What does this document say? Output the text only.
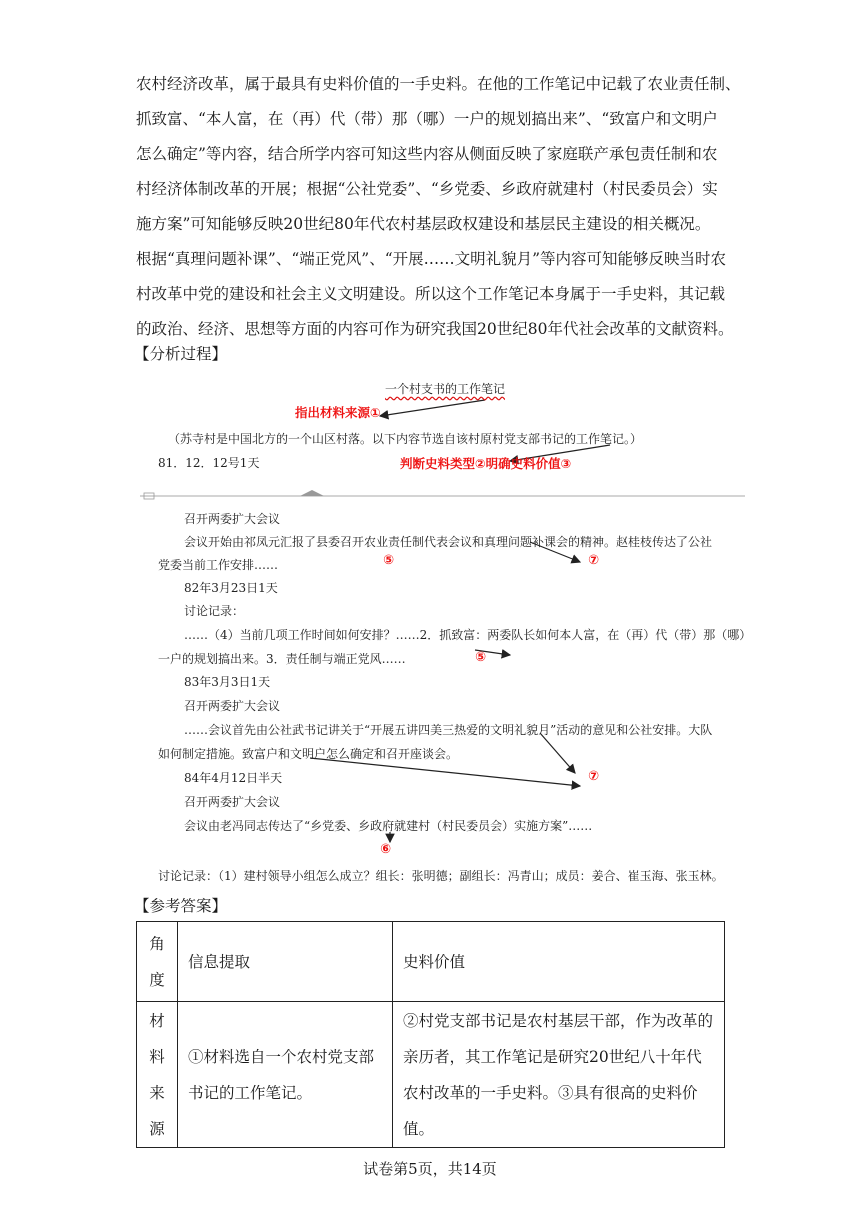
农村经济改革，属于最具有史料价值的一手史料。在他的工作笔记中记载了农业责任制、

抓致富、“本人富，在（再）代（带）那（哪）一户的规划搞出来”、“致富户和文明户

怎么确定”等内容，结合所学内容可知这些内容从侧面反映了家庭联产承包责任制和农

村经济体制改革的开展；根据“公社党委”、“乡党委、乡政府就建村（村民委员会）实

施方案”可知能够反映20世纪80年代农村基层政权建设和基层民主建设的相关概况。

根据“真理问题补课”、“端正党风”、“开展……文明礼貌月”等内容可知能够反映当时农

村改革中党的建设和社会主义文明建设。所以这个工作笔记本身属于一手史料，其记载

的政治、经济、思想等方面的内容可作为研究我国20世纪80年代社会改革的文献资料。

【分析过程】
一个村支书的工作笔记
指出材料来源①
（苏寺村是中国北方的一个山区村落。以下内容节选自该村原村党支部书记的工作笔记。）
81．12．12号1天	判断史料类型②明确史料价值③
召开两委扩大会议
会议开始由祁凤元汇报了县委召开农业责任制代表会议和真理问题补课会的精神。赵桂枝传达了公社
党委当前工作安排……	⑤	⑦
82年3月23日1天
讨论记录：
……（4）当前几项工作时间如何安排？……2．抓致富：两委队长如何本人富，在（再）代（带）那（哪）
一户的规划搞出来。3．责任制与端正党风……	⑤
83年3月3日1天
召开两委扩大会议
……会议首先由公社武书记讲关于“开展五讲四美三热爱的文明礼貌月”活动的意见和公社安排。大队
如何制定措施。致富户和文明户怎么确定和召开座谈会。
⑦
84年4月12日半天
召开两委扩大会议
会议由老冯同志传达了“乡党委、乡政府就建村（村民委员会）实施方案”……
⑥
讨论记录：（1）建村领导小组怎么成立？组长：张明德；副组长：冯青山；成员：姜合、崔玉海、张玉林。
【参考答案】
角度	信息提取	史料价值
材料来源	①材料选自一个农村党支部书记的工作笔记。	②村党支部书记是农村基层干部，作为改革的亲历者，其工作笔记是研究20世纪八十年代农村改革的一手史料。③具有很高的史料价值。
试卷第5页，共14页
